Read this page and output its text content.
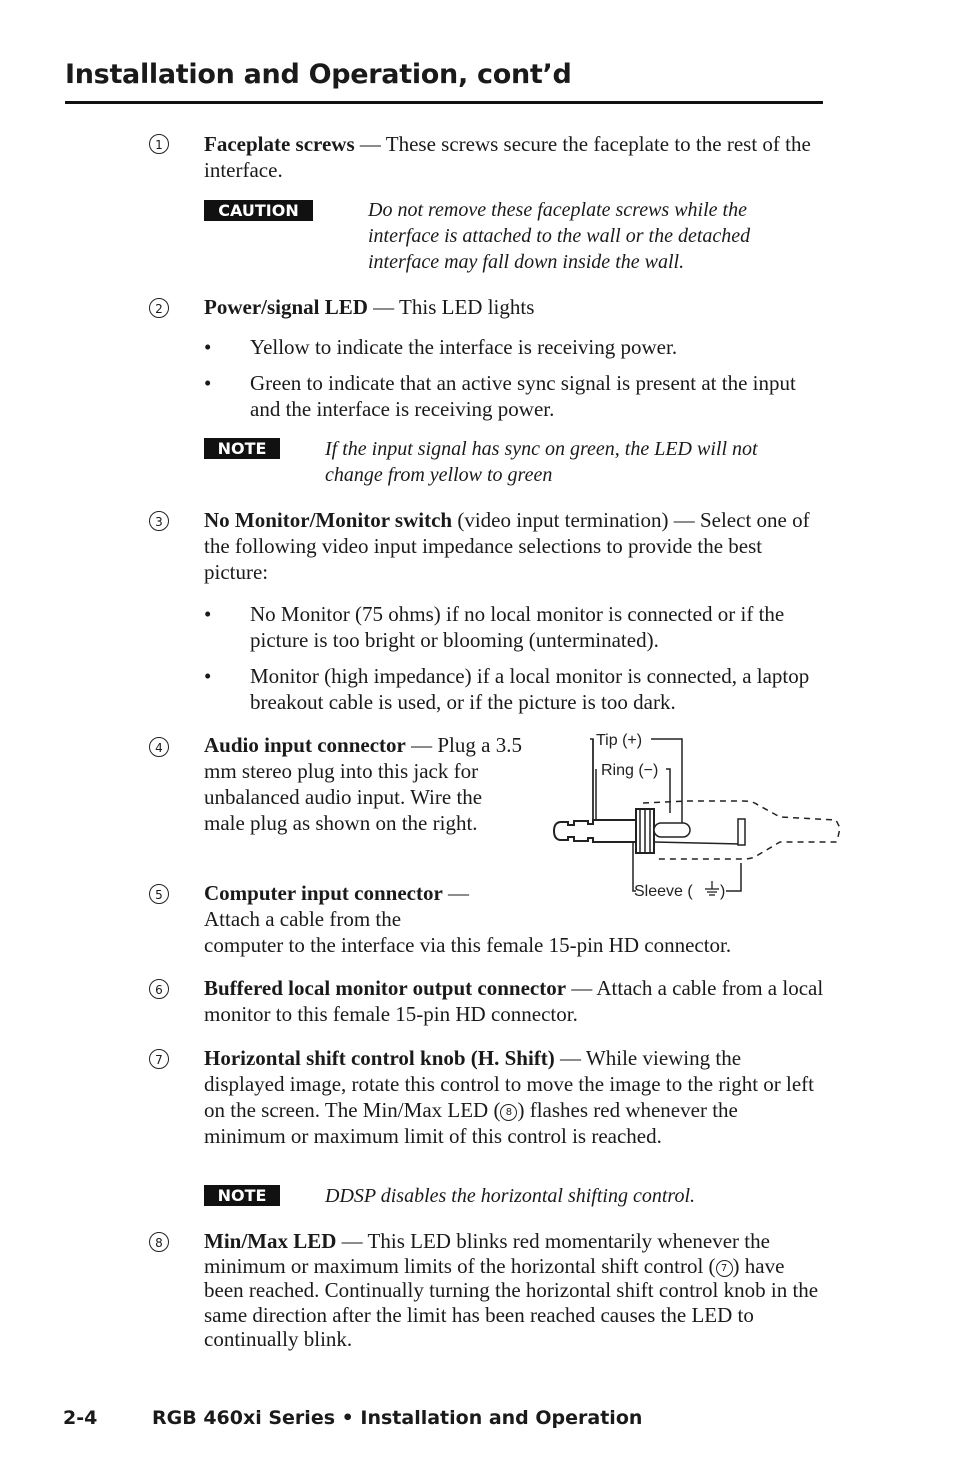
Installation and Operation, cont’d
1 Faceplate screws — These screws secure the faceplate to the rest of the interface.
CAUTION	Do not remove these faceplate screws while the interface is attached to the wall or the detached interface may fall down inside the wall.
2 Power/signal LED — This LED lights
• Yellow to indicate the interface is receiving power.
• Green to indicate that an active sync signal is present at the input and the interface is receiving power.
NOTE	If the input signal has sync on green, the LED will not change from yellow to green
3 No Monitor/Monitor switch (video input termination) — Select one of the following video input impedance selections to provide the best picture:
• No Monitor (75 ohms) if no local monitor is connected or if the picture is too bright or blooming (unterminated).
• Monitor (high impedance) if a local monitor is connected, a laptop breakout cable is used, or if the picture is too dark.
4 Audio input connector — Plug a 3.5 mm stereo plug into this jack for unbalanced audio input. Wire the male plug as shown on the right.
Tip (+)
Ring (−)
Sleeve ( )
5 Computer input connector — Attach a cable from the
computer to the interface via this female 15-pin HD connector.
6 Buffered local monitor output connector — Attach a cable from a local monitor to this female 15-pin HD connector.
7 Horizontal shift control knob (H. Shift) — While viewing the displayed image, rotate this control to move the image to the right or left on the screen. The Min/Max LED ( 8 ) flashes red whenever the minimum or maximum limit of this control is reached.
NOTE	DDSP disables the horizontal shifting control.
8 Min/Max LED — This LED blinks red momentarily whenever the minimum or maximum limits of the horizontal shift control ( 7 ) have been reached. Continually turning the horizontal shift control knob in the same direction after the limit has been reached causes the LED to continually blink.
2-4	RGB 460xi Series • Installation and Operation
